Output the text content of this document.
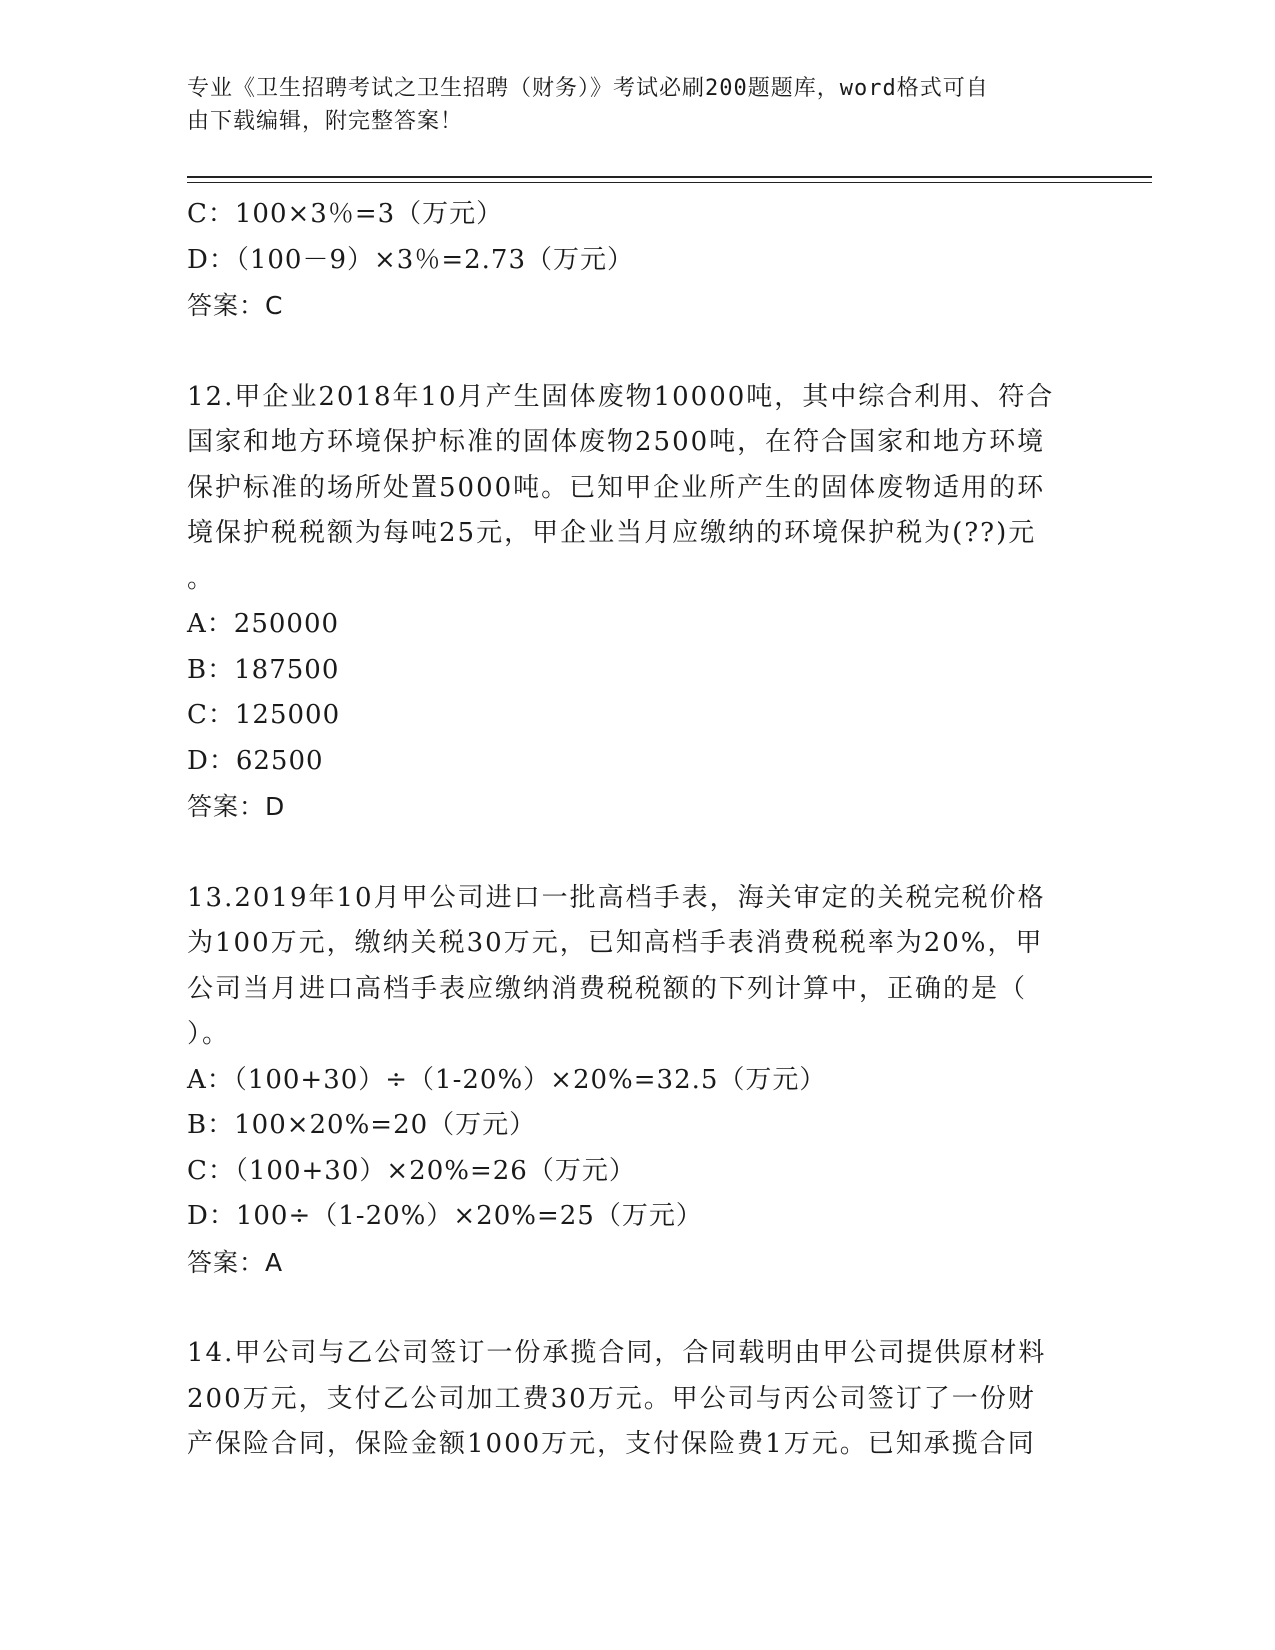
专业《卫生招聘考试之卫生招聘（财务）》考试必刷200题题库，word格式可自
由下载编辑，附完整答案！
C：100×3％=3（万元）
D：（100－9）×3％=2.73（万元）
答案：C
12.甲企业2018年10月产生固体废物10000吨，其中综合利用、符合
国家和地方环境保护标准的固体废物2500吨，在符合国家和地方环境
保护标准的场所处置5000吨。已知甲企业所产生的固体废物适用的环
境保护税税额为每吨25元，甲企业当月应缴纳的环境保护税为(??)元
。
A：250000
B：187500
C：125000
D：62500
答案：D
13.2019年10月甲公司进口一批高档手表，海关审定的关税完税价格
为100万元，缴纳关税30万元，已知高档手表消费税税率为20%，甲
公司当月进口高档手表应缴纳消费税税额的下列计算中，正确的是（
）。
A：（100+30）÷（1-20%）×20%=32.5（万元）
B：100×20%=20（万元）
C：（100+30）×20%=26（万元）
D：100÷（1-20%）×20%=25（万元）
答案：A
14.甲公司与乙公司签订一份承揽合同，合同载明由甲公司提供原材料
200万元，支付乙公司加工费30万元。甲公司与丙公司签订了一份财
产保险合同，保险金额1000万元，支付保险费1万元。已知承揽合同
